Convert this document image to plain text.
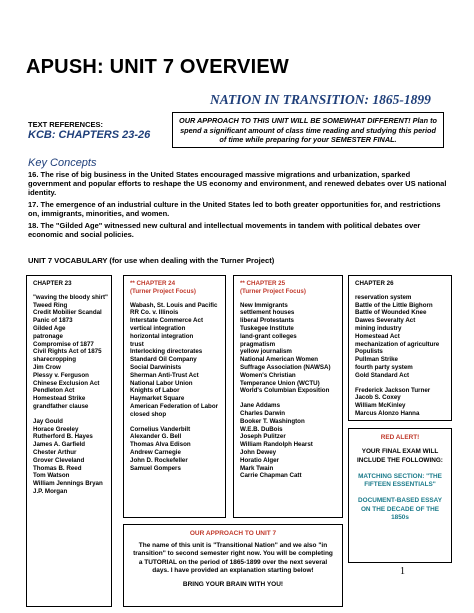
APUSH: UNIT 7 OVERVIEW
NATION IN TRANSITION: 1865-1899
TEXT REFERENCES:
KCB: CHAPTERS 23-26
OUR APPROACH TO THIS UNIT WILL BE SOMEWHAT DIFFERENT! Plan to spend a significant amount of class time reading and studying this period of time while preparing for your SEMESTER FINAL.
Key Concepts
16. The rise of big business in the United States encouraged massive migrations and urbanization, sparked government and popular efforts to reshape the US economy and environment, and renewed debates over US national identity.
17. The emergence of an industrial culture in the United States led to both greater opportunities for, and restrictions on, immigrants, minorities, and women.
18. The "Gilded Age" witnessed new cultural and intellectual movements in tandem with political debates over economic and social policies.
UNIT 7 VOCABULARY (for use when dealing with the Turner Project)
CHAPTER 23
"waving the bloody shirt"
Tweed Ring
Credit Mobilier Scandal
Panic of 1873
Gilded Age
patronage
Compromise of 1877
Civil Rights Act of 1875
sharecropping
Jim Crow
Plessy v. Ferguson
Chinese Exclusion Act
Pendleton Act
Homestead Strike
grandfather clause
Jay Gould
Horace Greeley
Rutherford B. Hayes
James A. Garfield
Chester Arthur
Grover Cleveland
Thomas B. Reed
Tom Watson
William Jennings Bryan
J.P. Morgan
** CHAPTER 24
(Turner Project Focus)
Wabash, St. Louis and Pacific
RR Co. v. Illinois
Interstate Commerce Act
vertical integration
horizontal integration
trust
Interlocking directorates
Standard Oil Company
Social Darwinists
Sherman Anti-Trust Act
National Labor Union
Knights of Labor
Haymarket Square
American Federation of Labor
closed shop
Cornelius Vanderbilt
Alexander G. Bell
Thomas Alva Edison
Andrew Carnegie
John D. Rockefeller
Samuel Gompers
** CHAPTER 25
(Turner Project Focus)
New Immigrants
settlement houses
liberal Protestants
Tuskegee Institute
land-grant colleges
pragmatism
yellow journalism
National American Women
Suffrage Association (NAWSA)
Women's Christian
Temperance Union (WCTU)
World's Columbian Exposition
Jane Addams
Charles Darwin
Booker T. Washington
W.E.B. DuBois
Joseph Pulitzer
William Randolph Hearst
John Dewey
Horatio Alger
Mark Twain
Carrie Chapman Catt
CHAPTER 26
reservation system
Battle of the Little Bighorn
Battle of Wounded Knee
Dawes Severalty Act
mining industry
Homestead Act
mechanization of agriculture
Populists
Pullman Strike
fourth party system
Gold Standard Act
Frederick Jackson Turner
Jacob S. Coxey
William McKinley
Marcus Alonzo Hanna
RED ALERT!
YOUR FINAL EXAM WILL INCLUDE THE FOLLOWING:
MATCHING SECTION: "THE FIFTEEN ESSENTIALS"
DOCUMENT-BASED ESSAY ON THE DECADE OF THE 1850s
OUR APPROACH TO UNIT 7
The name of this unit is "Transitional Nation" and we also "in transition" to second semester right now. You will be completing a TUTORIAL on the period of 1865-1899 over the next several days. I have provided an explanation starting below!
BRING YOUR BRAIN WITH YOU!
1
